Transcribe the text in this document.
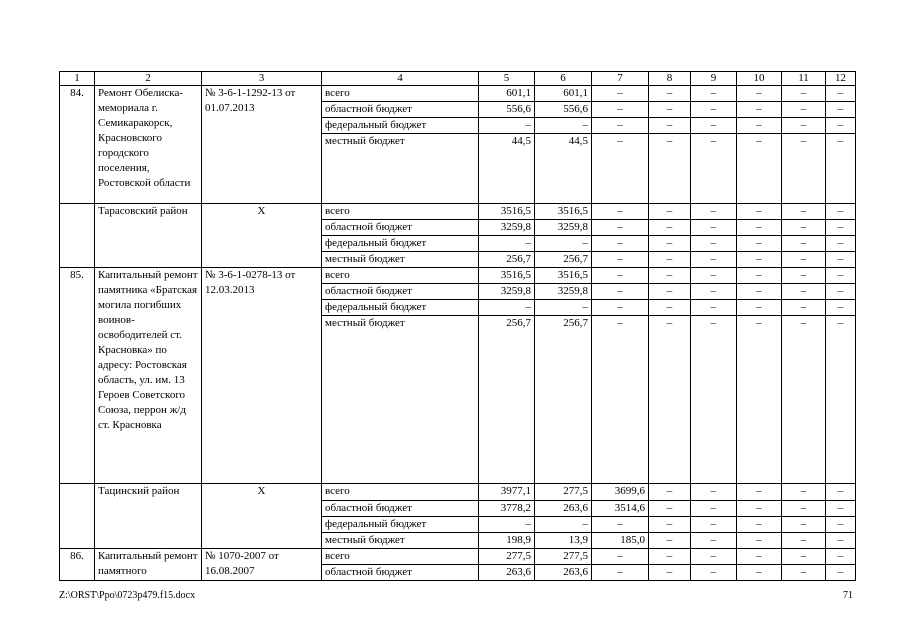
1	2	3	4	5	6	7	8	9	10	11	12
84.	Ремонт Обелиска-мемориала г. Семикаракорск, Красновского городского поселения, Ростовской области	№ 3-6-1-1292-13 от 01.07.2013	всего	601,1	601,1	–	–	–	–	–	–
			областной бюджет	556,6	556,6	–	–	–	–	–	–
			федеральный бюджет	–	–	–	–	–	–	–	–
			местный бюджет	44,5	44,5	–	–	–	–	–	–
	Тарасовский район	Х	всего	3516,5	3516,5	–	–	–	–	–	–
			областной бюджет	3259,8	3259,8	–	–	–	–	–	–
			федеральный бюджет	–	–	–	–	–	–	–	–
			местный бюджет	256,7	256,7	–	–	–	–	–	–
85.	Капитальный ремонт памятника «Братская могила погибших воинов-освободителей ст. Красновка» по адресу: Ростовская область, ул. им. 13 Героев Советского Союза, перрон ж/д ст. Красновка	№ 3-6-1-0278-13 от 12.03.2013	всего	3516,5	3516,5	–	–	–	–	–	–
			областной бюджет	3259,8	3259,8	–	–	–	–	–	–
			федеральный бюджет	–	–	–	–	–	–	–	–
			местный бюджет	256,7	256,7	–	–	–	–	–	–
	Тацинский район	Х	всего	3977,1	277,5	3699,6	–	–	–	–	–
			областной бюджет	3778,2	263,6	3514,6	–	–	–	–	–
			федеральный бюджет	–	–	–	–	–	–	–	–
			местный бюджет	198,9	13,9	185,0	–	–	–	–	–
86.	Капитальный ремонт памятного	№ 1070-2007 от 16.08.2007	всего	277,5	277,5	–	–	–	–	–	–
			областной бюджет	263,6	263,6	–	–	–	–	–	–
Z:\ORST\Ppo\0723p479.f15.docx	71
